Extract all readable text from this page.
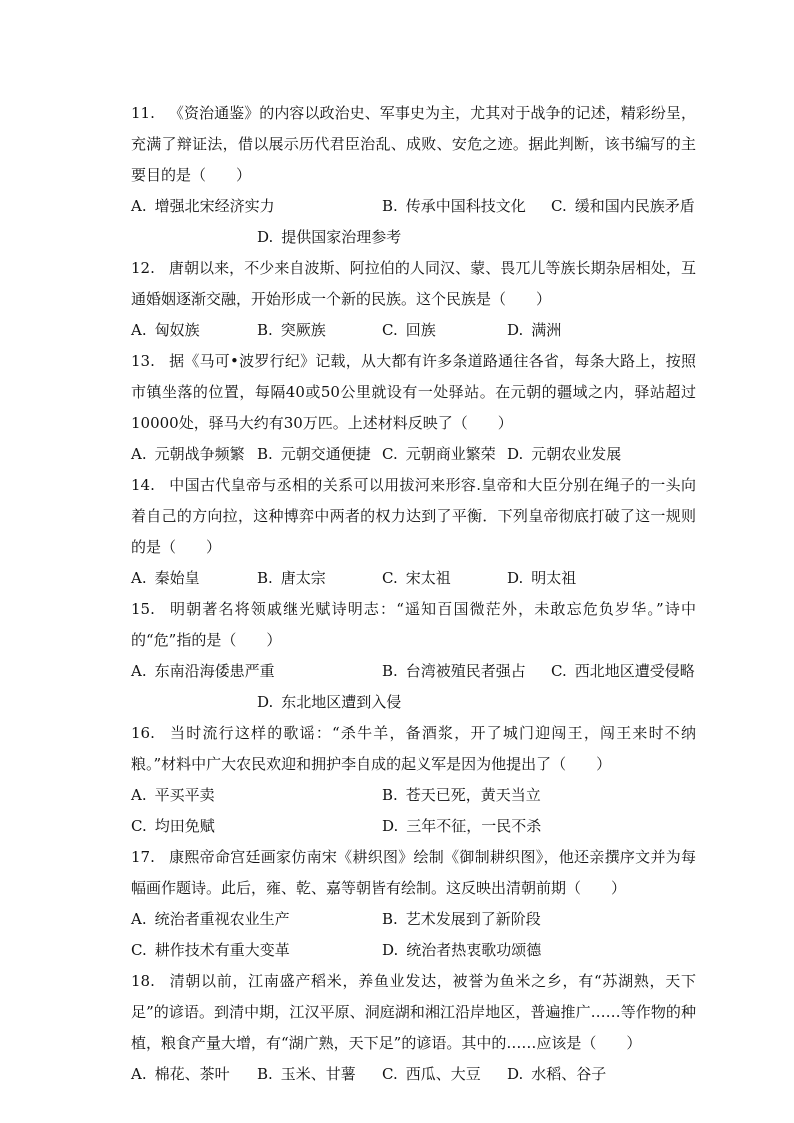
11. 《资治通鉴》的内容以政治史、军事史为主，尤其对于战争的记述，精彩纷呈，充满了辩证法，借以展示历代君臣治乱、成败、安危之迹。据此判断，该书编写的主要目的是（　　）
A. 增强北宋经济实力	B. 传承中国科技文化 C. 缓和国内民族矛盾
D. 提供国家治理参考
12. 唐朝以来，不少来自波斯、阿拉伯的人同汉、蒙、畏兀儿等族长期杂居相处，互通婚姻逐渐交融，开始形成一个新的民族。这个民族是（　　）
A. 匈奴族	B. 突厥族	C. 回族	D. 满洲
13. 据《马可•波罗行纪》记载，从大都有许多条道路通往各省，每条大路上，按照市镇坐落的位置，每隔40或50公里就设有一处驿站。在元朝的疆域之内，驿站超过10000处，驿马大约有30万匹。上述材料反映了（　　）
A. 元朝战争频繁 B. 元朝交通便捷 C. 元朝商业繁荣 D. 元朝农业发展
14. 中国古代皇帝与丞相的关系可以用拔河来形容.皇帝和大臣分别在绳子的一头向着自己的方向拉，这种博弈中两者的权力达到了平衡．下列皇帝彻底打破了这一规则的是（　　）
A. 秦始皇	B. 唐太宗	C. 宋太祖	D. 明太祖
15. 明朝著名将领戚继光赋诗明志：“遥知百国微茫外，未敢忘危负岁华。”诗中的“危”指的是（　　）
A. 东南沿海倭患严重	B. 台湾被殖民者强占 C. 西北地区遭受侵略
D. 东北地区遭到入侵
16. 当时流行这样的歌谣：“杀牛羊，备酒浆，开了城门迎闯王，闯王来时不纳粮。”材料中广大农民欢迎和拥护李自成的起义军是因为他提出了（　　）
A. 平买平卖	B. 苍天已死，黄天当立
C. 均田免赋	D. 三年不征，一民不杀
17. 康熙帝命宫廷画家仿南宋《耕织图》绘制《御制耕织图》，他还亲撰序文并为每幅画作题诗。此后，雍、乾、嘉等朝皆有绘制。这反映出清朝前期（　　）
A. 统治者重视农业生产	B. 艺术发展到了新阶段
C. 耕作技术有重大变革	D. 统治者热衷歌功颂德
18. 清朝以前，江南盛产稻米，养鱼业发达，被誉为鱼米之乡，有“苏湖熟，天下足”的谚语。到清中期，江汉平原、洞庭湖和湘江沿岸地区，普遍推广……等作物的种植，粮食产量大增，有“湖广熟，天下足”的谚语。其中的……应该是（　　）
A. 棉花、茶叶 B. 玉米、甘薯 C. 西瓜、大豆 D. 水稻、谷子
